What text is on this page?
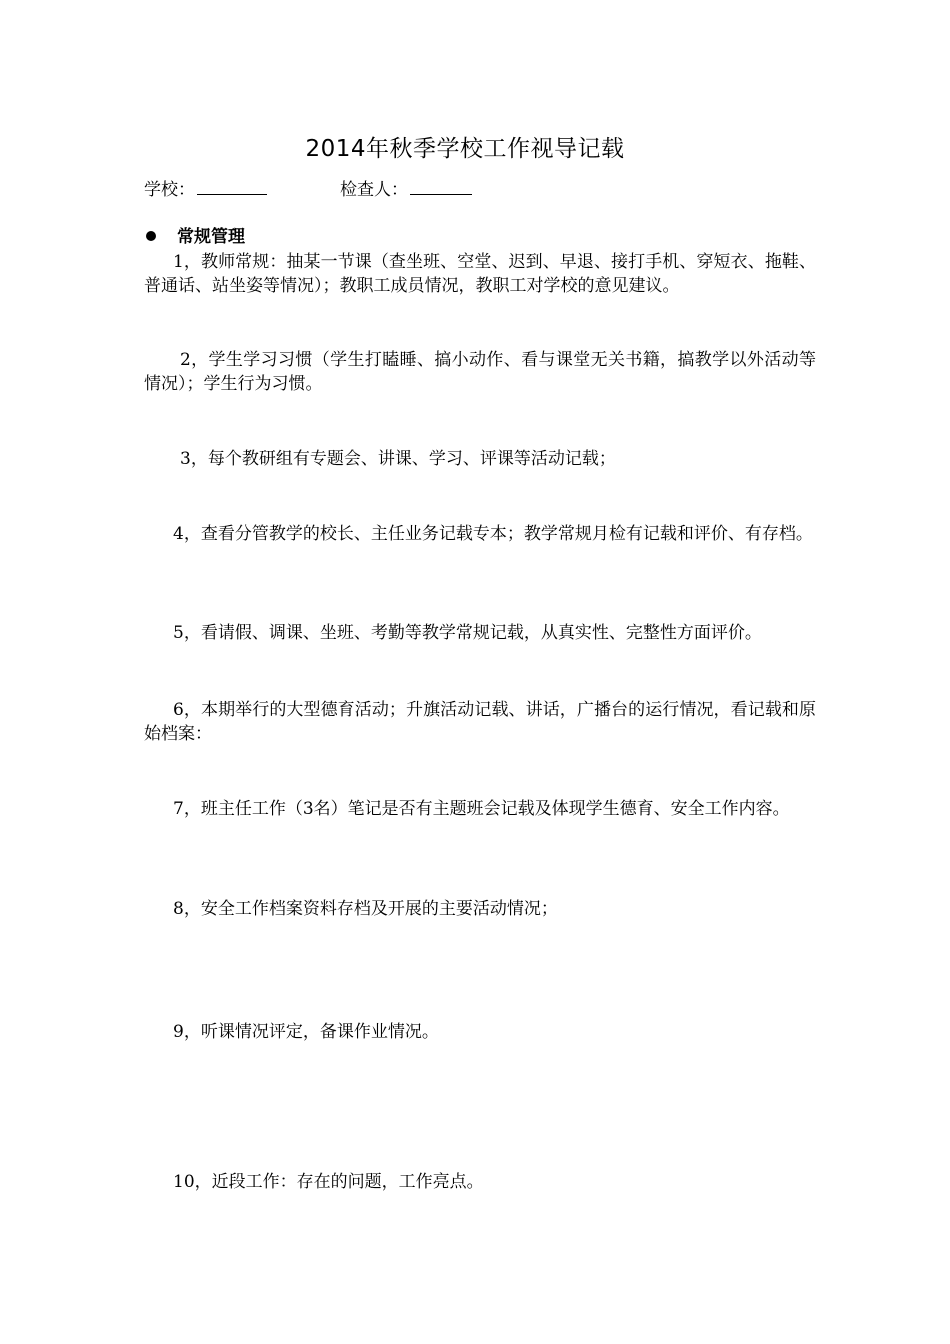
2014年秋季学校工作视导记载
学校：	检查人：
常规管理
1，教师常规：抽某一节课（查坐班、空堂、迟到、早退、接打手机、穿短衣、拖鞋、普通话、站坐姿等情况）；教职工成员情况，教职工对学校的意见建议。
2，学生学习习惯（学生打瞌睡、搞小动作、看与课堂无关书籍，搞教学以外活动等情况）；学生行为习惯。
3，每个教研组有专题会、讲课、学习、评课等活动记载；
4，查看分管教学的校长、主任业务记载专本；教学常规月检有记载和评价、有存档。
5，看请假、调课、坐班、考勤等教学常规记载，从真实性、完整性方面评价。
6，本期举行的大型德育活动；升旗活动记载、讲话，广播台的运行情况，看记载和原始档案：
7，班主任工作（3名）笔记是否有主题班会记载及体现学生德育、安全工作内容。
8，安全工作档案资料存档及开展的主要活动情况；
9，听课情况评定，备课作业情况。
10，近段工作：存在的问题，工作亮点。
